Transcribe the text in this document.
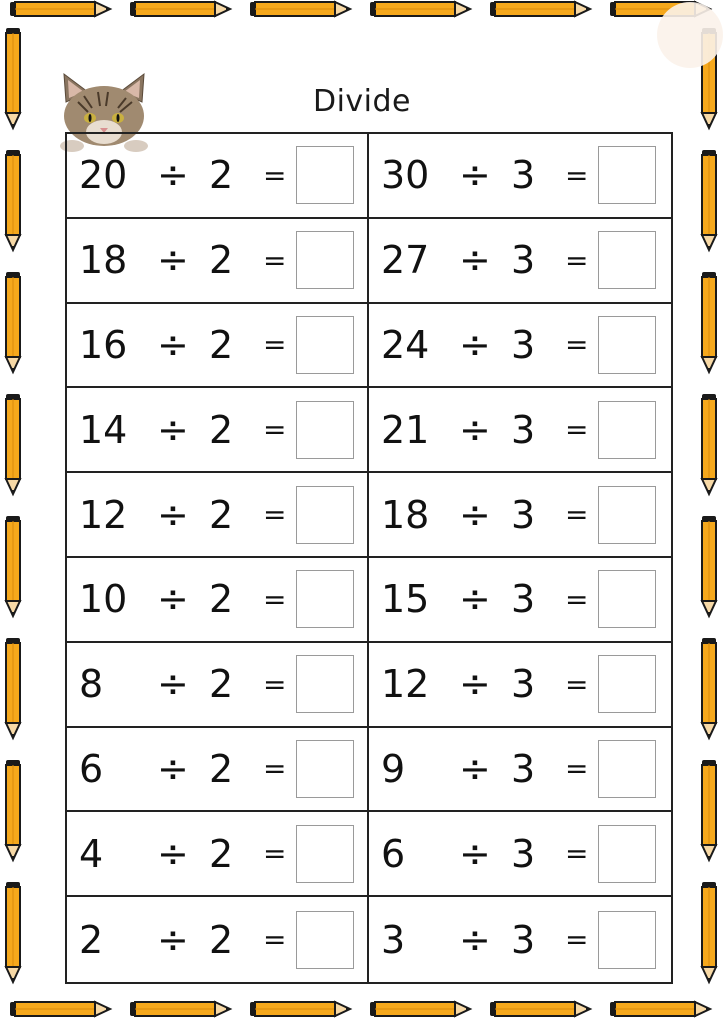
Divide
20 ÷ 2 = 30 ÷ 3 =
18 ÷ 2 = 27 ÷ 3 =
16 ÷ 2 = 24 ÷ 3 =
14 ÷ 2 = 21 ÷ 3 =
12 ÷ 2 = 18 ÷ 3 =
10 ÷ 2 = 15 ÷ 3 =
8	÷ 2 = 12 ÷ 3 =
6	÷ 2 = 9	÷ 3 =
4	÷ 2 = 6	÷ 3 =
2	÷ 2 = 3	÷ 3 =
